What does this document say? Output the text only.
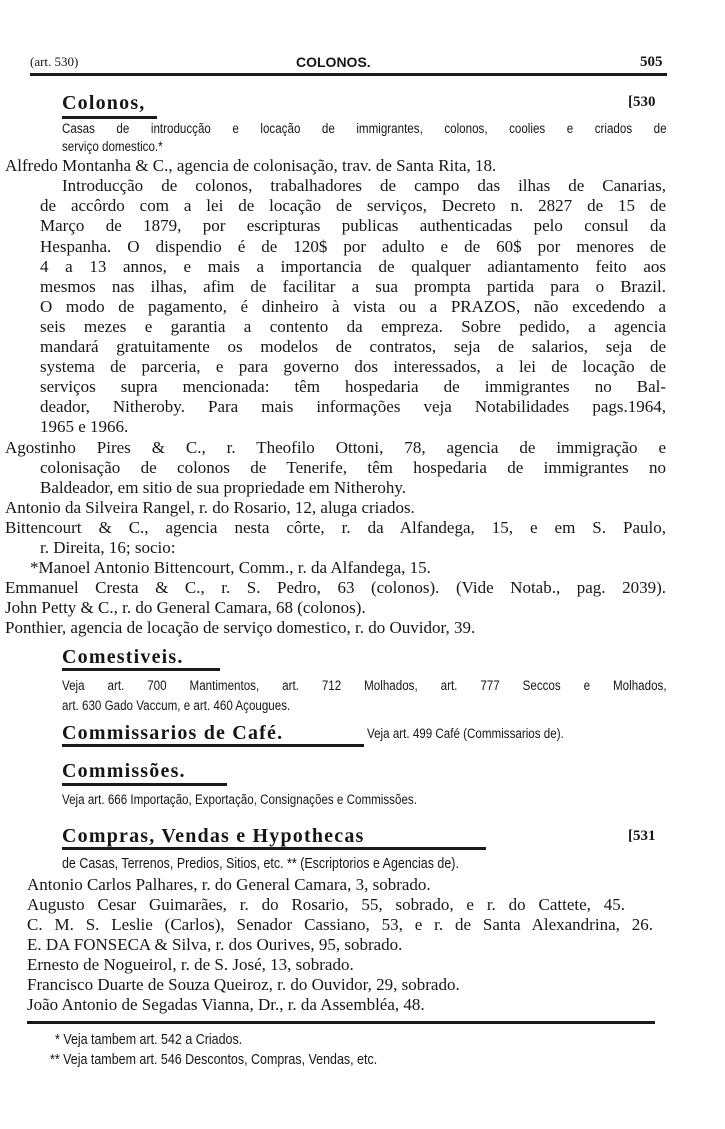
(art. 530)	COLONOS.	505
Colonos,	[530
Casas de introducção e locação de immigrantes, colonos, coolies e criados de
serviço domestico.*
Alfredo Montanha & C., agencia de colonisação, trav. de Santa Rita, 18.
Introducção de colonos, trabalhadores de campo das ilhas de Canarias,
de accôrdo com a lei de locação de serviços, Decreto n. 2827 de 15 de
Março de 1879, por escripturas publicas authenticadas pelo consul da
Hespanha. O dispendio é de 120$ por adulto e de 60$ por menores de
4 a 13 annos, e mais a importancia de qualquer adiantamento feito aos
mesmos nas ilhas, afim de facilitar a sua prompta partida para o Brazil.
O modo de pagamento, é dinheiro à vista ou a PRAZOS, não excedendo a
seis mezes e garantia a contento da empreza. Sobre pedido, a agencia
mandará gratuitamente os modelos de contratos, seja de salarios, seja de
systema de parceria, e para governo dos interessados, a lei de locação de
serviços supra mencionada: têm hospedaria de immigrantes no Bal-
deador, Nitheroby. Para mais informações veja Notabilidades pags.1964,
1965 e 1966.
Agostinho Pires & C., r. Theofilo Ottoni, 78, agencia de immigração e
colonisação de colonos de Tenerife, têm hospedaria de immigrantes no
Baldeador, em sitio de sua propriedade em Nitherohy.
Antonio da Silveira Rangel, r. do Rosario, 12, aluga criados.
Bittencourt & C., agencia nesta côrte, r. da Alfandega, 15, e em S. Paulo,
r. Direita, 16; socio:
*Manoel Antonio Bittencourt, Comm., r. da Alfandega, 15.
Emmanuel Cresta & C., r. S. Pedro, 63 (colonos). (Vide Notab., pag. 2039).
John Petty & C., r. do General Camara, 68 (colonos).
Ponthier, agencia de locação de serviço domestico, r. do Ouvidor, 39.
Comestiveis.
Veja art. 700 Mantimentos, art. 712 Molhados, art. 777 Seccos e Molhados,
art. 630 Gado Vaccum, e art. 460 Açougues.
Commissarios de Café.	Veja art. 499 Café (Commissarios de).
Commissões.
Veja art. 666 Importação, Exportação, Consignações e Commissões.
Compras, Vendas e Hypothecas	[531
de Casas, Terrenos, Predios, Sitios, etc. ** (Escriptorios e Agencias de).
Antonio Carlos Palhares, r. do General Camara, 3, sobrado.
Augusto Cesar Guimarães, r. do Rosario, 55, sobrado, e r. do Cattete, 45.
C. M. S. Leslie (Carlos), Senador Cassiano, 53, e r. de Santa Alexandrina, 26.
E. DA FONSECA & Silva, r. dos Ourives, 95, sobrado.
Ernesto de Nogueirol, r. de S. José, 13, sobrado.
Francisco Duarte de Souza Queiroz, r. do Ouvidor, 29, sobrado.
João Antonio de Segadas Vianna, Dr., r. da Assembléa, 48.
* Veja tambem art. 542 a Criados.
** Veja tambem art. 546 Descontos, Compras, Vendas, etc.
